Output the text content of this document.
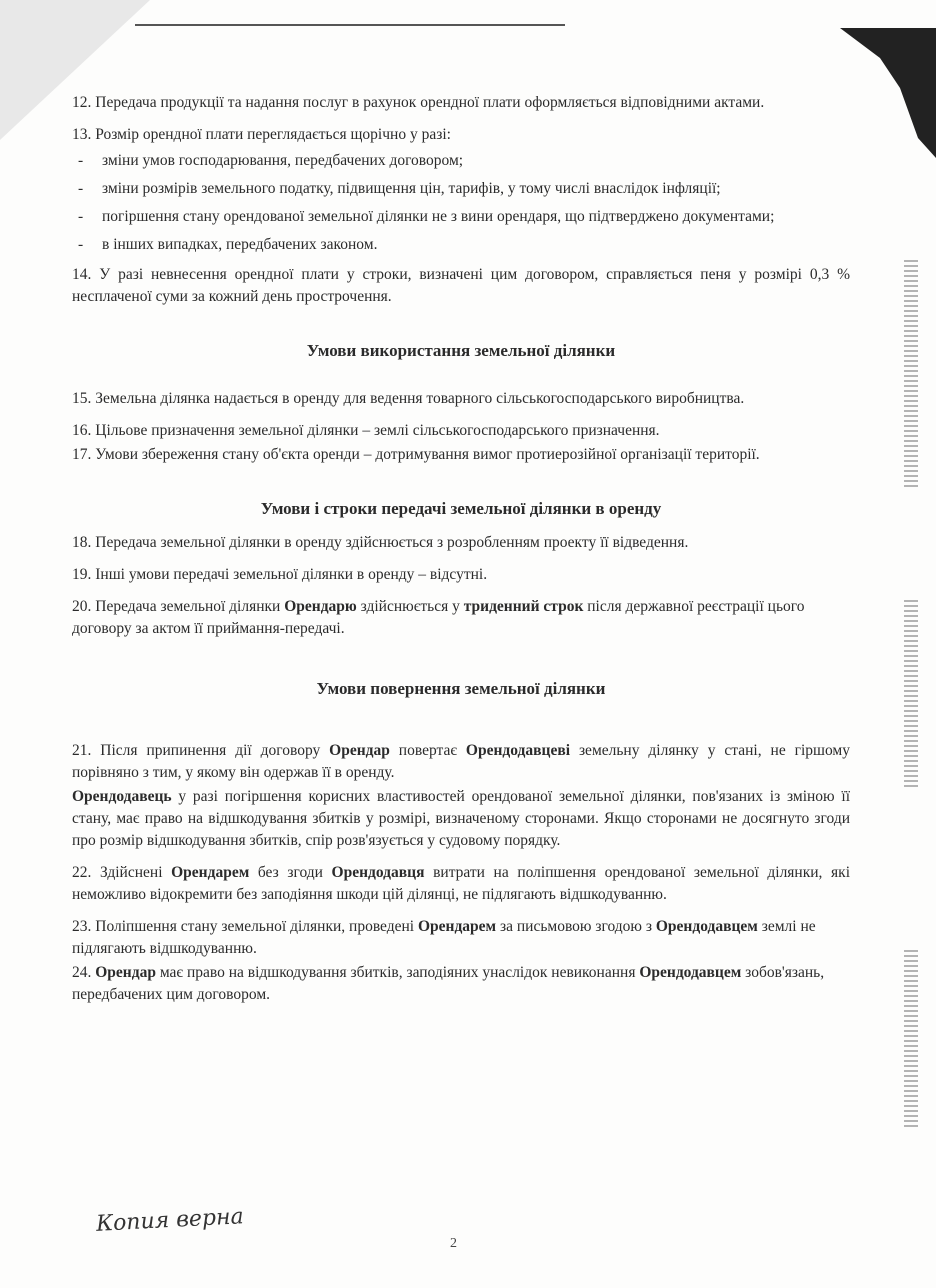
12. Передача продукції та надання послуг в рахунок орендної плати оформляється відповідними актами.

13. Розмір орендної плати переглядається щорічно у разі:

- зміни умов господарювання, передбачених договором;
- зміни розмірів земельного податку, підвищення цін, тарифів, у тому числі внаслідок інфляції;
- погіршення стану орендованої земельної ділянки не з вини орендаря, що підтверджено документами;
- в інших випадках, передбачених законом.

14. У разі невнесення орендної плати у строки, визначені цим договором, справляється пеня у розмірі 0,3 % несплаченої суми за кожний день прострочення.

Умови використання земельної ділянки

15. Земельна ділянка надається в оренду для ведення товарного сільськогосподарського виробництва.

16. Цільове призначення земельної ділянки – землі сільськогосподарського призначення.

17. Умови збереження стану об'єкта оренди – дотримування вимог протиерозійної організації території.

Умови і строки передачі земельної ділянки в оренду

18. Передача земельної ділянки в оренду здійснюється з розробленням проекту її відведення.

19. Інші умови передачі земельної ділянки в оренду – відсутні.

20. Передача земельної ділянки Орендарю здійснюється у триденний строк після державної реєстрації цього договору за актом її приймання-передачі.

Умови повернення земельної ділянки

21. Після припинення дії договору Орендар повертає Орендодавцеві земельну ділянку у стані, не гіршому порівняно з тим, у якому він одержав її в оренду.

Орендодавець у разі погіршення корисних властивостей орендованої земельної ділянки, пов'язаних із зміною її стану, має право на відшкодування збитків у розмірі, визначеному сторонами. Якщо сторонами не досягнуто згоди про розмір відшкодування збитків, спір розв'язується у судовому порядку.

22. Здійснені Орендарем без згоди Орендодавця витрати на поліпшення орендованої земельної ділянки, які неможливо відокремити без заподіяння шкоди цій ділянці, не підлягають відшкодуванню.

23. Поліпшення стану земельної ділянки, проведені Орендарем за письмовою згодою з Орендодавцем землі не підлягають відшкодуванню.

24. Орендар має право на відшкодування збитків, заподіяних унаслідок невиконання Орендодавцем зобов'язань, передбачених цим договором.

Копия верна
2
